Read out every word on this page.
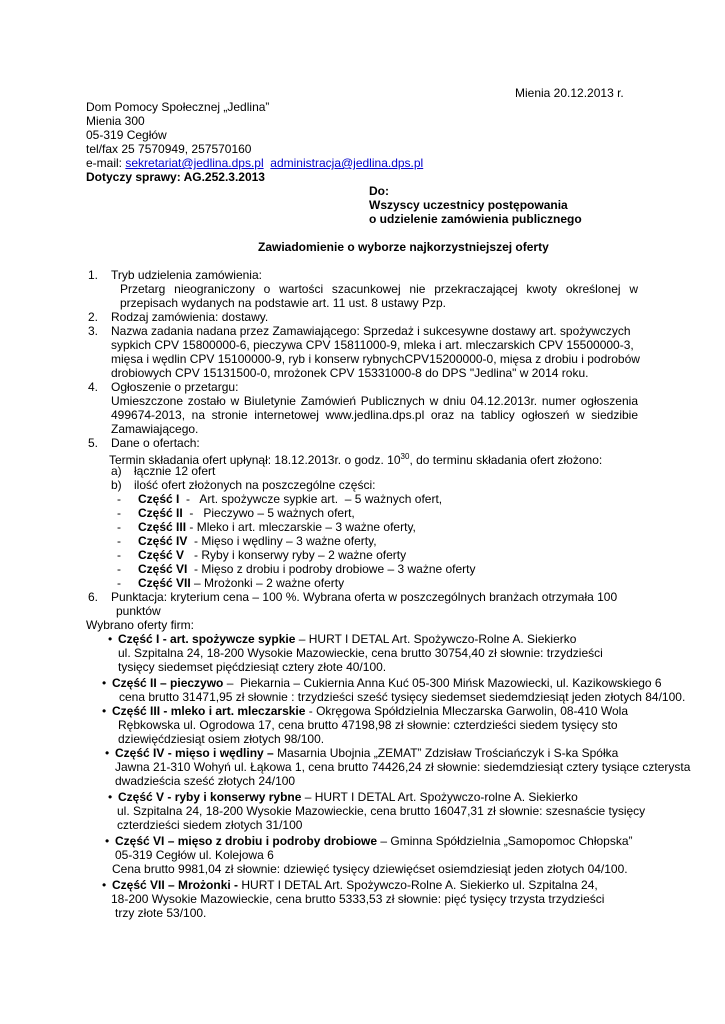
Mienia 20.12.2013 r.
Dom Pomocy Społecznej „Jedlina”
Mienia 300
05-319 Cegłów
tel/fax 25 7570949, 257570160
e-mail: sekretariat@jedlina.dps.pl administracja@jedlina.dps.pl
Dotyczy sprawy: AG.252.3.2013
Do:
Wszyscy uczestnicy postępowania
o udzielenie zamówienia publicznego
Zawiadomienie o wyborze najkorzystniejszej oferty
1. Tryb udzielenia zamówienia:
Przetarg nieograniczony o wartości szacunkowej nie przekraczającej kwoty określonej w
przepisach wydanych na podstawie art. 11 ust. 8 ustawy Pzp.
2. Rodzaj zamówienia: dostawy.
3. Nazwa zadania nadana przez Zamawiającego: Sprzedaż i sukcesywne dostawy art. spożywczych
sypkich CPV 15800000-6, pieczywa CPV 15811000-9, mleka i art. mleczarskich CPV 15500000-3,
mięsa i wędlin CPV 15100000-9, ryb i konserw rybnychCPV15200000-0, mięsa z drobiu i podrobów
drobiowych CPV 15131500-0, mrożonek CPV 15331000-8 do DPS "Jedlina" w 2014 roku.
4. Ogłoszenie o przetargu:
Umieszczone zostało w Biuletynie Zamówień Publicznych w dniu 04.12.2013r. numer ogłoszenia
499674-2013, na stronie internetowej www.jedlina.dps.pl oraz na tablicy ogłoszeń w siedzibie
Zamawiającego.
5. Dane o ofertach:
Termin składania ofert upłynął: 18.12.2013r. o godz. $10^{30}$, do terminu składania ofert złożono:
a) łącznie 12 ofert
b) ilość ofert złożonych na poszczególne części:
- Część I  -   Art. spożywcze sypkie art.  – 5 ważnych ofert,
- Część II  -   Pieczywo – 5 ważnych ofert,
- Część III - Mleko i art. mleczarskie – 3 ważne oferty,
- Część IV  - Mięso i wędliny – 3 ważne oferty,
- Część V   - Ryby i konserwy ryby – 2 ważne oferty
- Część VI  - Mięso z drobiu i podroby drobiowe – 3 ważne oferty
- Część VII – Mrożonki – 2 ważne oferty
6. Punktacja: kryterium cena – 100 %. Wybrana oferta w poszczególnych branżach otrzymała 100
punktów
Wybrano oferty firm:
• Część I - art. spożywcze sypkie – HURT I DETAL Art. Spożywczo-Rolne A. Siekierko
ul. Szpitalna 24, 18-200 Wysokie Mazowieckie, cena brutto 30754,40 zł słownie: trzydzieści
tysięcy siedemset pięćdziesiąt cztery złote 40/100.
• Część II – pieczywo –  Piekarnia – Cukiernia Anna Kuć 05-300 Mińsk Mazowiecki, ul. Kazikowskiego 6
cena brutto 31471,95 zł słownie : trzydzieści sześć tysięcy siedemset siedemdziesiąt jeden złotych 84/100.
• Część III - mleko i art. mleczarskie - Okręgowa Spółdzielnia Mleczarska Garwolin, 08-410 Wola
Rębkowska ul. Ogrodowa 17, cena brutto 47198,98 zł słownie: czterdzieści siedem tysięcy sto
dziewięćdziesiąt osiem złotych 98/100.
• Część IV - mięso i wędliny – Masarnia Ubojnia „ZEMAT” Zdzisław Trościańczyk i S-ka Spółka
Jawna 21-310 Wohyń ul. Łąkowa 1, cena brutto 74426,24 zł słownie: siedemdziesiąt cztery tysiące czterysta
dwadzieścia sześć złotych 24/100
• Część V - ryby i konserwy rybne – HURT I DETAL Art. Spożywczo-rolne A. Siekierko
ul. Szpitalna 24, 18-200 Wysokie Mazowieckie, cena brutto 16047,31 zł słownie: szesnaście tysięcy
czterdzieści siedem złotych 31/100
• Część VI – mięso z drobiu i podroby drobiowe – Gminna Spółdzielnia „Samopomoc Chłopska”
05-319 Cegłów ul. Kolejowa 6
Cena brutto 9981,04 zł słownie: dziewięć tysięcy dziewięćset osiemdziesiąt jeden złotych 04/100.
• Część VII – Mrożonki - HURT I DETAL Art. Spożywczo-Rolne A. Siekierko ul. Szpitalna 24,
18-200 Wysokie Mazowieckie, cena brutto 5333,53 zł słownie: pięć tysięcy trzysta trzydzieści
trzy złote 53/100.
